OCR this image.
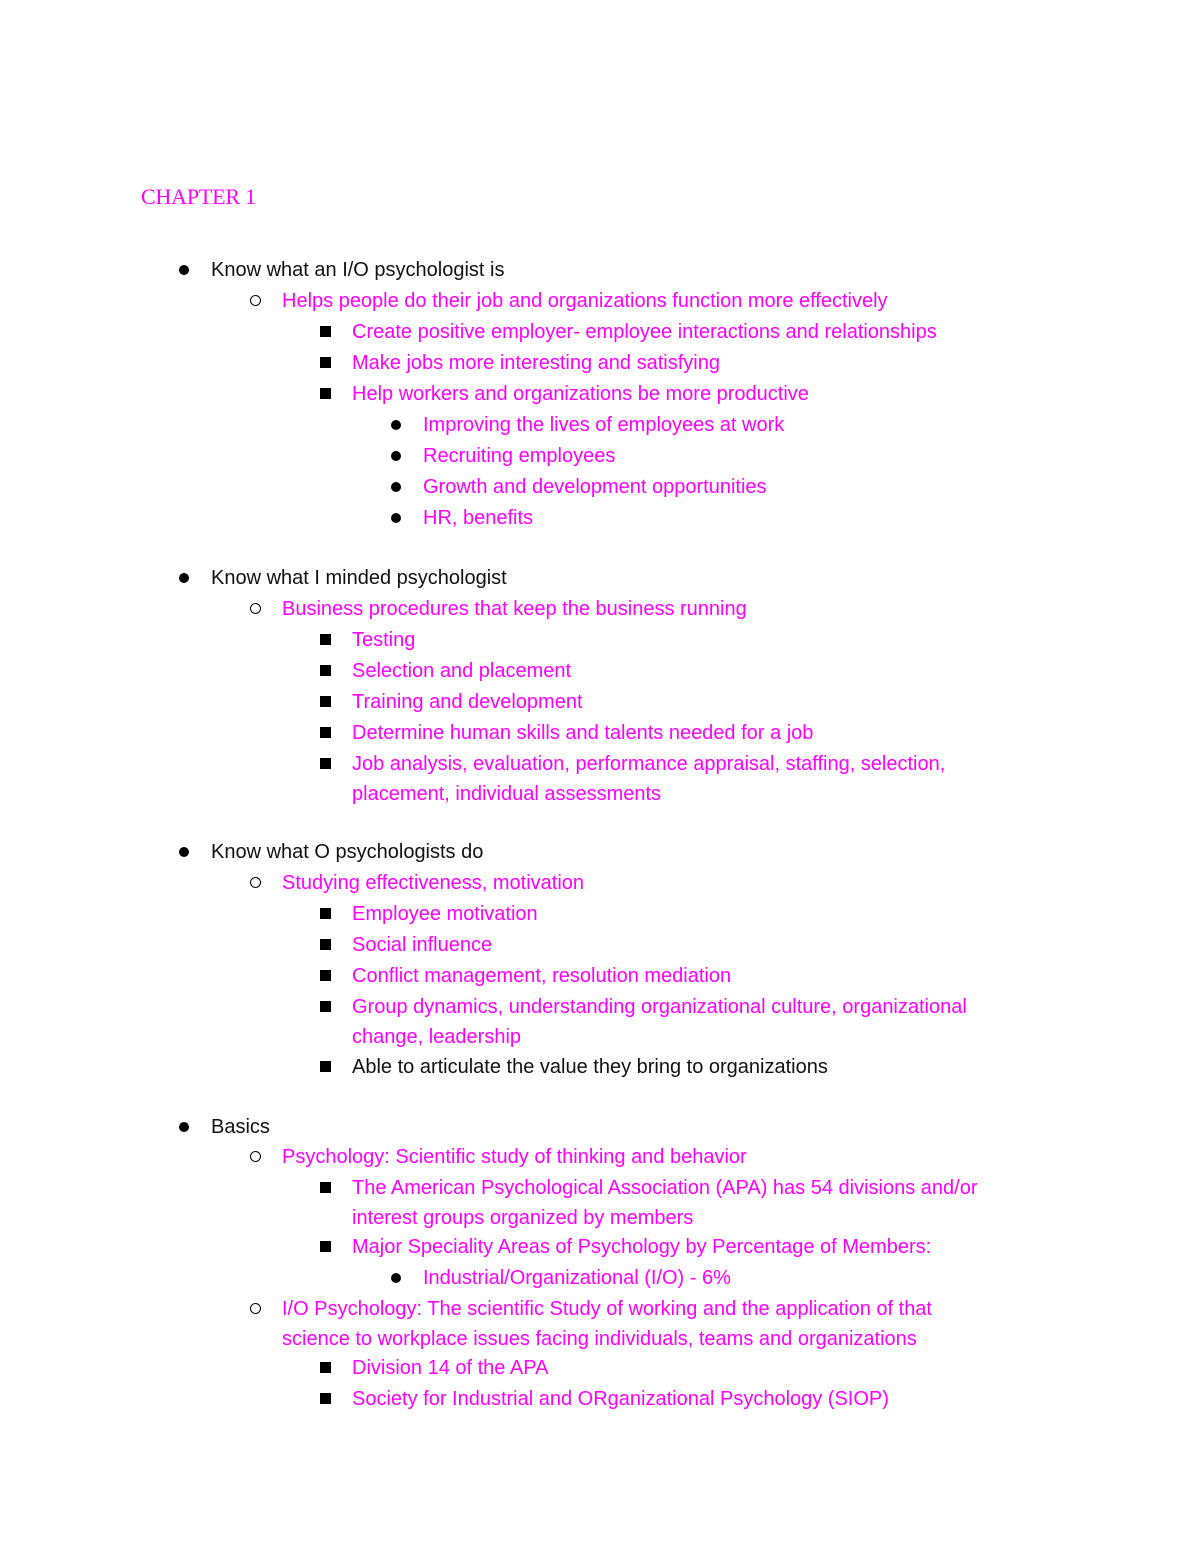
CHAPTER 1
Know what an I/O psychologist is
Helps people do their job and organizations function more effectively
Create positive employer- employee interactions and relationships
Make jobs more interesting and satisfying
Help workers and organizations be more productive
Improving the lives of employees at work
Recruiting employees
Growth and development opportunities
HR, benefits
Know what I minded psychologist
Business procedures that keep the business running
Testing
Selection and placement
Training and development
Determine human skills and talents needed for a job
Job analysis, evaluation, performance appraisal, staffing, selection,
placement, individual assessments
Know what O psychologists do
Studying effectiveness, motivation
Employee motivation
Social influence
Conflict management, resolution mediation
Group dynamics, understanding organizational culture, organizational
change, leadership
Able to articulate the value they bring to organizations
Basics
Psychology: Scientific study of thinking and behavior
The American Psychological Association (APA) has 54 divisions and/or
interest groups organized by members
Major Speciality Areas of Psychology by Percentage of Members:
Industrial/Organizational (I/O) - 6%
I/O Psychology: The scientific Study of working and the application of that
science to workplace issues facing individuals, teams and organizations
Division 14 of the APA
Society for Industrial and ORganizational Psychology (SIOP)
